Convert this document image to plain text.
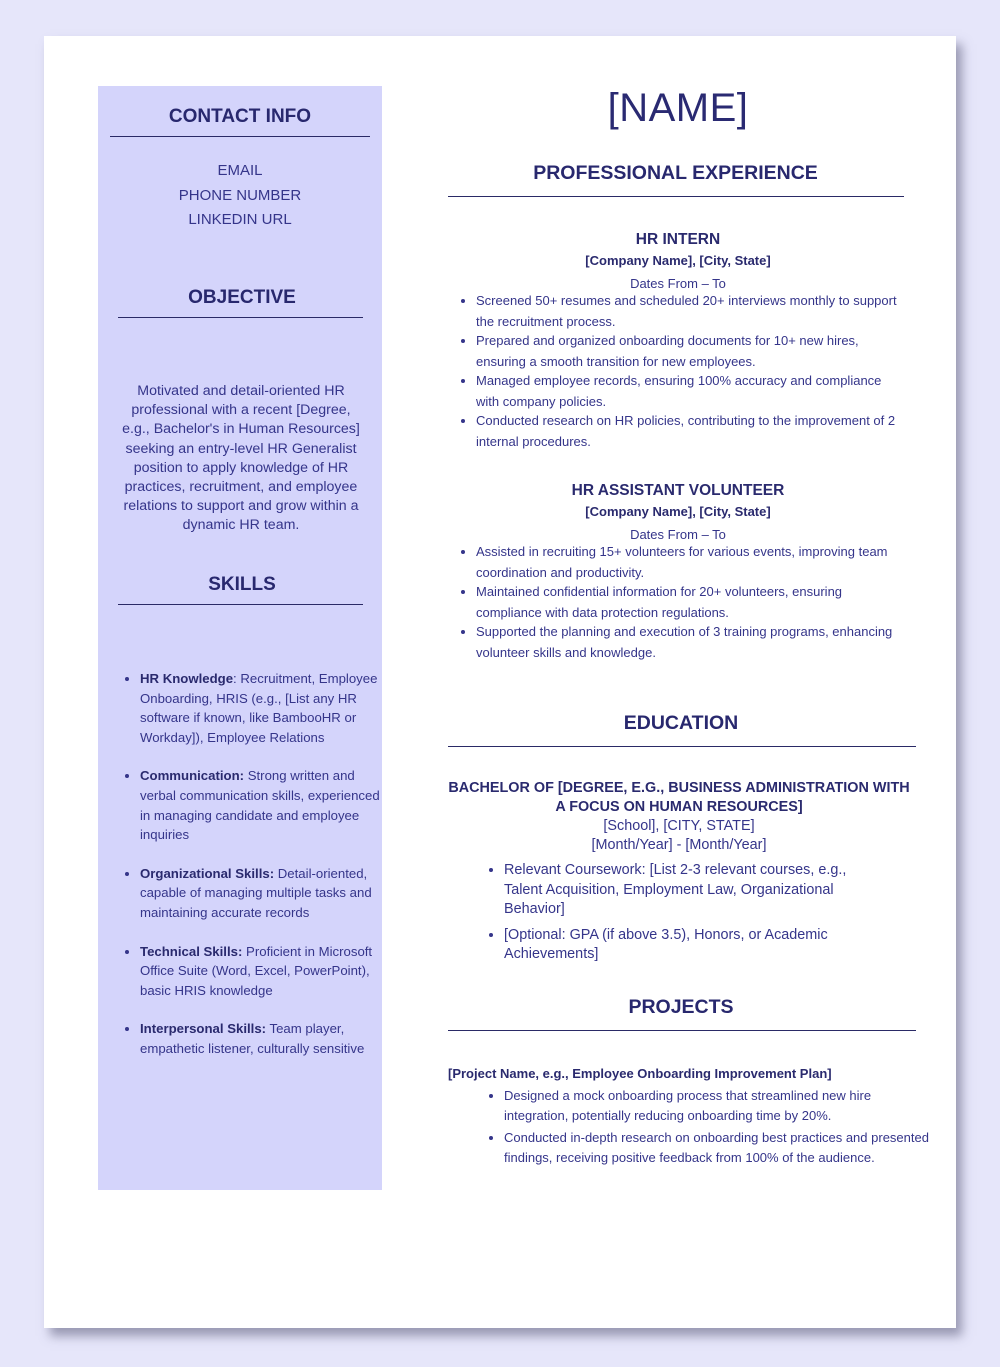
CONTACT INFO
EMAIL
PHONE NUMBER
LINKEDIN URL
OBJECTIVE
Motivated and detail-oriented HR professional with a recent [Degree, e.g., Bachelor's in Human Resources] seeking an entry-level HR Generalist position to apply knowledge of HR practices, recruitment, and employee relations to support and grow within a dynamic HR team.
SKILLS
• HR Knowledge: Recruitment, Employee Onboarding, HRIS (e.g., [List any HR software if known, like BambooHR or Workday]), Employee Relations
• Communication: Strong written and verbal communication skills, experienced in managing candidate and employee inquiries
• Organizational Skills: Detail-oriented, capable of managing multiple tasks and maintaining accurate records
• Technical Skills: Proficient in Microsoft Office Suite (Word, Excel, PowerPoint), basic HRIS knowledge
• Interpersonal Skills: Team player, empathetic listener, culturally sensitive
[NAME]
PROFESSIONAL EXPERIENCE
HR INTERN
[Company Name], [City, State]
Dates From – To
• Screened 50+ resumes and scheduled 20+ interviews monthly to support the recruitment process.
• Prepared and organized onboarding documents for 10+ new hires, ensuring a smooth transition for new employees.
• Managed employee records, ensuring 100% accuracy and compliance with company policies.
• Conducted research on HR policies, contributing to the improvement of 2 internal procedures.
HR ASSISTANT VOLUNTEER
[Company Name], [City, State]
Dates From – To
• Assisted in recruiting 15+ volunteers for various events, improving team coordination and productivity.
• Maintained confidential information for 20+ volunteers, ensuring compliance with data protection regulations.
• Supported the planning and execution of 3 training programs, enhancing volunteer skills and knowledge.
EDUCATION
BACHELOR OF [DEGREE, E.G., BUSINESS ADMINISTRATION WITH A FOCUS ON HUMAN RESOURCES]
[School], [CITY, STATE]
[Month/Year] - [Month/Year]
• Relevant Coursework: [List 2-3 relevant courses, e.g., Talent Acquisition, Employment Law, Organizational Behavior]
• [Optional: GPA (if above 3.5), Honors, or Academic Achievements]
PROJECTS
[Project Name, e.g., Employee Onboarding Improvement Plan]
• Designed a mock onboarding process that streamlined new hire integration, potentially reducing onboarding time by 20%.
• Conducted in-depth research on onboarding best practices and presented findings, receiving positive feedback from 100% of the audience.
